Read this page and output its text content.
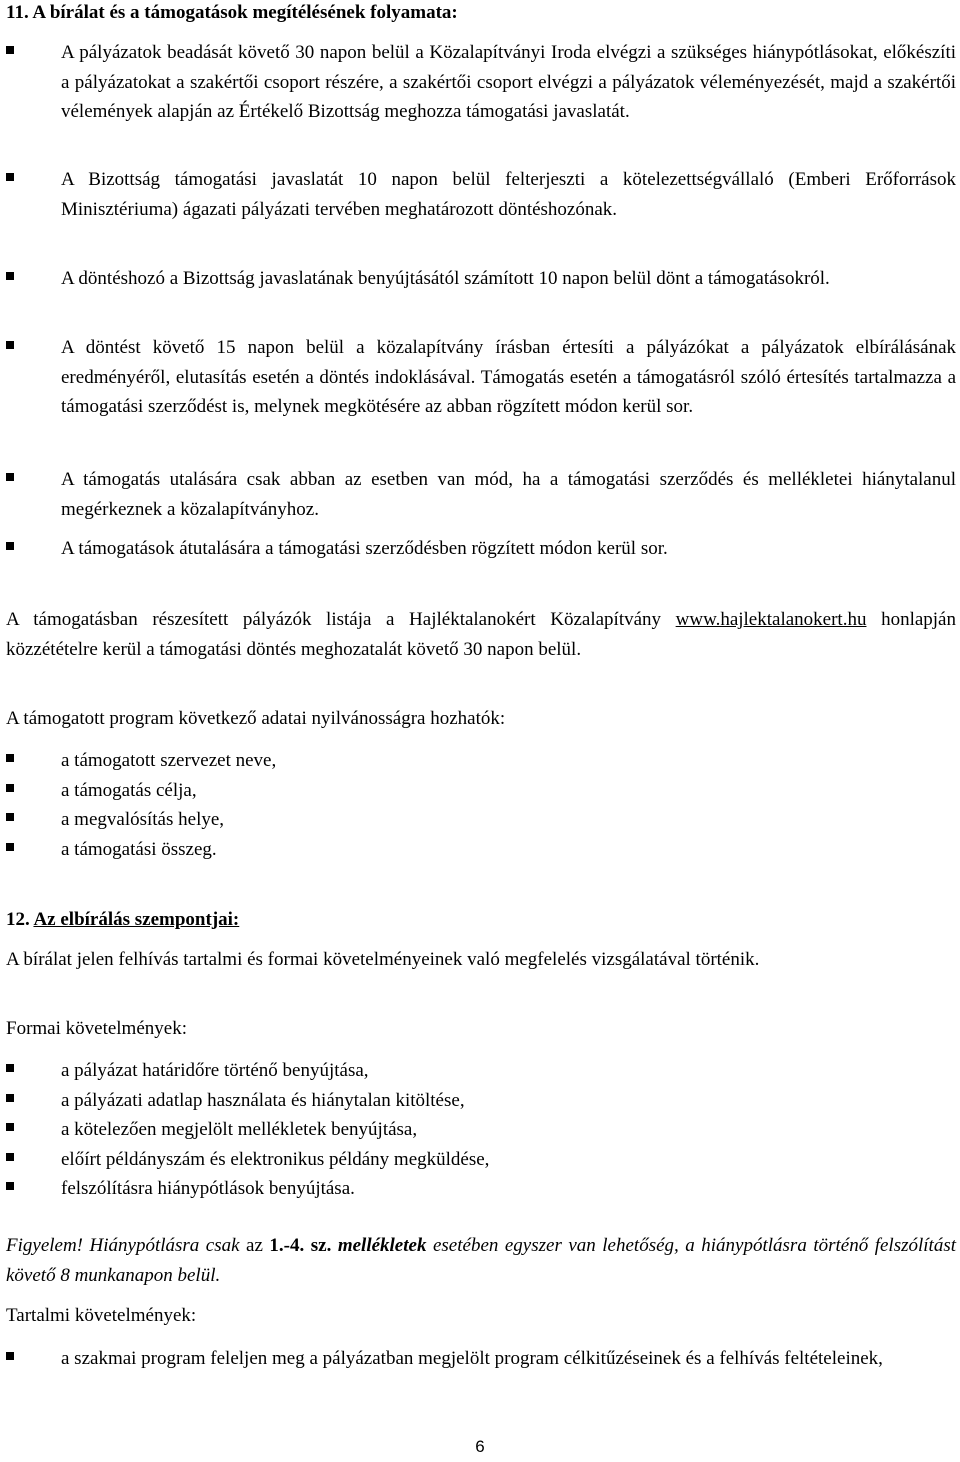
11. A bírálat és a támogatások megítélésének folyamata:
A pályázatok beadását követő 30 napon belül a Közalapítványi Iroda elvégzi a szükséges hiánypótlásokat, előkészíti a pályázatokat a szakértői csoport részére, a szakértői csoport elvégzi a pályázatok véleményezését, majd a szakértői vélemények alapján az Értékelő Bizottság meghozza támogatási javaslatát.
A Bizottság támogatási javaslatát 10 napon belül felterjeszti a kötelezettségvállaló (Emberi Erőforrások Minisztériuma) ágazati pályázati tervében meghatározott döntéshozónak.
A döntéshozó a Bizottság javaslatának benyújtásától számított 10 napon belül dönt a támogatásokról.
A döntést követő 15 napon belül a közalapítvány írásban értesíti a pályázókat a pályázatok elbírálásának eredményéről, elutasítás esetén a döntés indoklásával. Támogatás esetén a támogatásról szóló értesítés tartalmazza a támogatási szerződést is, melynek megkötésére az abban rögzített módon kerül sor.
A támogatás utalására csak abban az esetben van mód, ha a támogatási szerződés és mellékletei hiánytalanul megérkeznek a közalapítványhoz.
A támogatások átutalására a támogatási szerződésben rögzített módon kerül sor.

A támogatásban részesített pályázók listája a Hajléktalanokért Közalapítvány www.hajlektalanokert.hu honlapján közzétételre kerül a támogatási döntés meghozatalát követő 30 napon belül.

A támogatott program következő adatai nyilvánosságra hozhatók:

a támogatott szervezet neve,
a támogatás célja,
a megvalósítás helye,
a támogatási összeg.
12. Az elbírálás szempontjai:

A bírálat jelen felhívás tartalmi és formai követelményeinek való megfelelés vizsgálatával történik.

Formai követelmények:

a pályázat határidőre történő benyújtása,
a pályázati adatlap használata és hiánytalan kitöltése,
a kötelezően megjelölt mellékletek benyújtása,
előírt példányszám és elektronikus példány megküldése,
felszólításra hiánypótlások benyújtása.

Figyelem! Hiánypótlásra csak az 1.-4. sz. mellékletek esetében egyszer van lehetőség, a hiánypótlásra történő felszólítást követő 8 munkanapon belül.

Tartalmi követelmények:

a szakmai program feleljen meg a pályázatban megjelölt program célkitűzéseinek és a felhívás feltételeinek,
6
